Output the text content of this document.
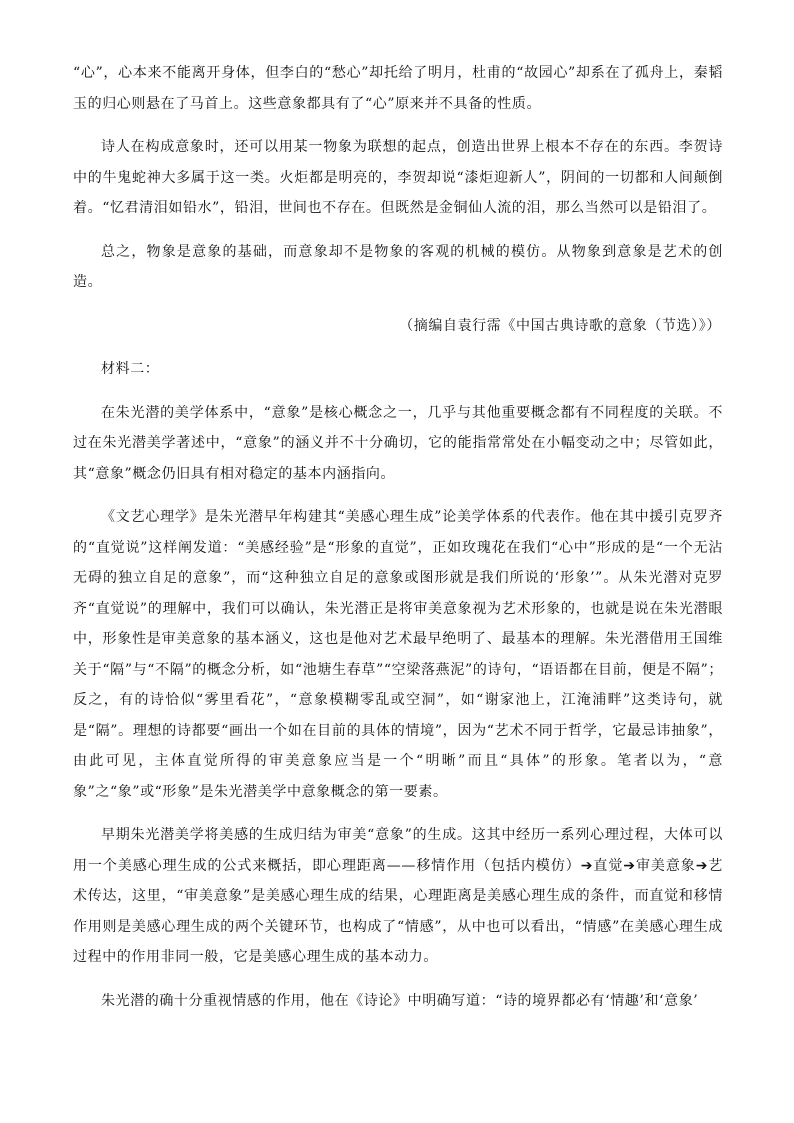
“心”，心本来不能离开身体，但李白的“愁心”却托给了明月，杜甫的“故园心”却系在了孤舟上，秦韬玉的归心则悬在了马首上。这些意象都具有了“心”原来并不具备的性质。

诗人在构成意象时，还可以用某一物象为联想的起点，创造出世界上根本不存在的东西。李贺诗中的牛鬼蛇神大多属于这一类。火炬都是明亮的，李贺却说“漆炬迎新人”，阴间的一切都和人间颠倒着。“忆君清泪如铅水”，铅泪，世间也不存在。但既然是金铜仙人流的泪，那么当然可以是铅泪了。

总之，物象是意象的基础，而意象却不是物象的客观的机械的模仿。从物象到意象是艺术的创造。

（摘编自袁行霈《中国古典诗歌的意象（节选）》）

材料二：

在朱光潜的美学体系中，“意象”是核心概念之一，几乎与其他重要概念都有不同程度的关联。不过在朱光潜美学著述中，“意象”的涵义并不十分确切，它的能指常常处在小幅变动之中；尽管如此，其“意象”概念仍旧具有相对稳定的基本内涵指向。

《文艺心理学》是朱光潜早年构建其“美感心理生成”论美学体系的代表作。他在其中援引克罗齐的“直觉说”这样阐发道：“美感经验”是“形象的直觉”，正如玫瑰花在我们“心中”形成的是“一个无沾无碍的独立自足的意象”，而“这种独立自足的意象或图形就是我们所说的‘形象’”。从朱光潜对克罗齐“直觉说”的理解中，我们可以确认，朱光潜正是将审美意象视为艺术形象的，也就是说在朱光潜眼中，形象性是审美意象的基本涵义，这也是他对艺术最早绝明了、最基本的理解。朱光潜借用王国维关于“隔”与“不隔”的概念分析，如“池塘生春草”“空梁落燕泥”的诗句，“语语都在目前，便是不隔”；反之，有的诗恰似“雾里看花”，“意象模糊零乱或空洞”，如“谢家池上，江淹浦畔”这类诗句，就是“隔”。理想的诗都要“画出一个如在目前的具体的情境”，因为“艺术不同于哲学，它最忌讳抽象”，由此可见，主体直觉所得的审美意象应当是一个“明晰”而且“具体”的形象。笔者以为，“意象”之“象”或“形象”是朱光潜美学中意象概念的第一要素。

早期朱光潜美学将美感的生成归结为审美“意象”的生成。这其中经历一系列心理过程，大体可以用一个美感心理生成的公式来概括，即心理距离——移情作用（包括内模仿）➔直觉➔审美意象➔艺术传达，这里，“审美意象”是美感心理生成的结果，心理距离是美感心理生成的条件，而直觉和移情作用则是美感心理生成的两个关键环节，也构成了“情感”，从中也可以看出，“情感”在美感心理生成过程中的作用非同一般，它是美感心理生成的基本动力。

朱光潜的确十分重视情感的作用，他在《诗论》中明确写道：“诗的境界都必有‘情趣’和‘意象’
